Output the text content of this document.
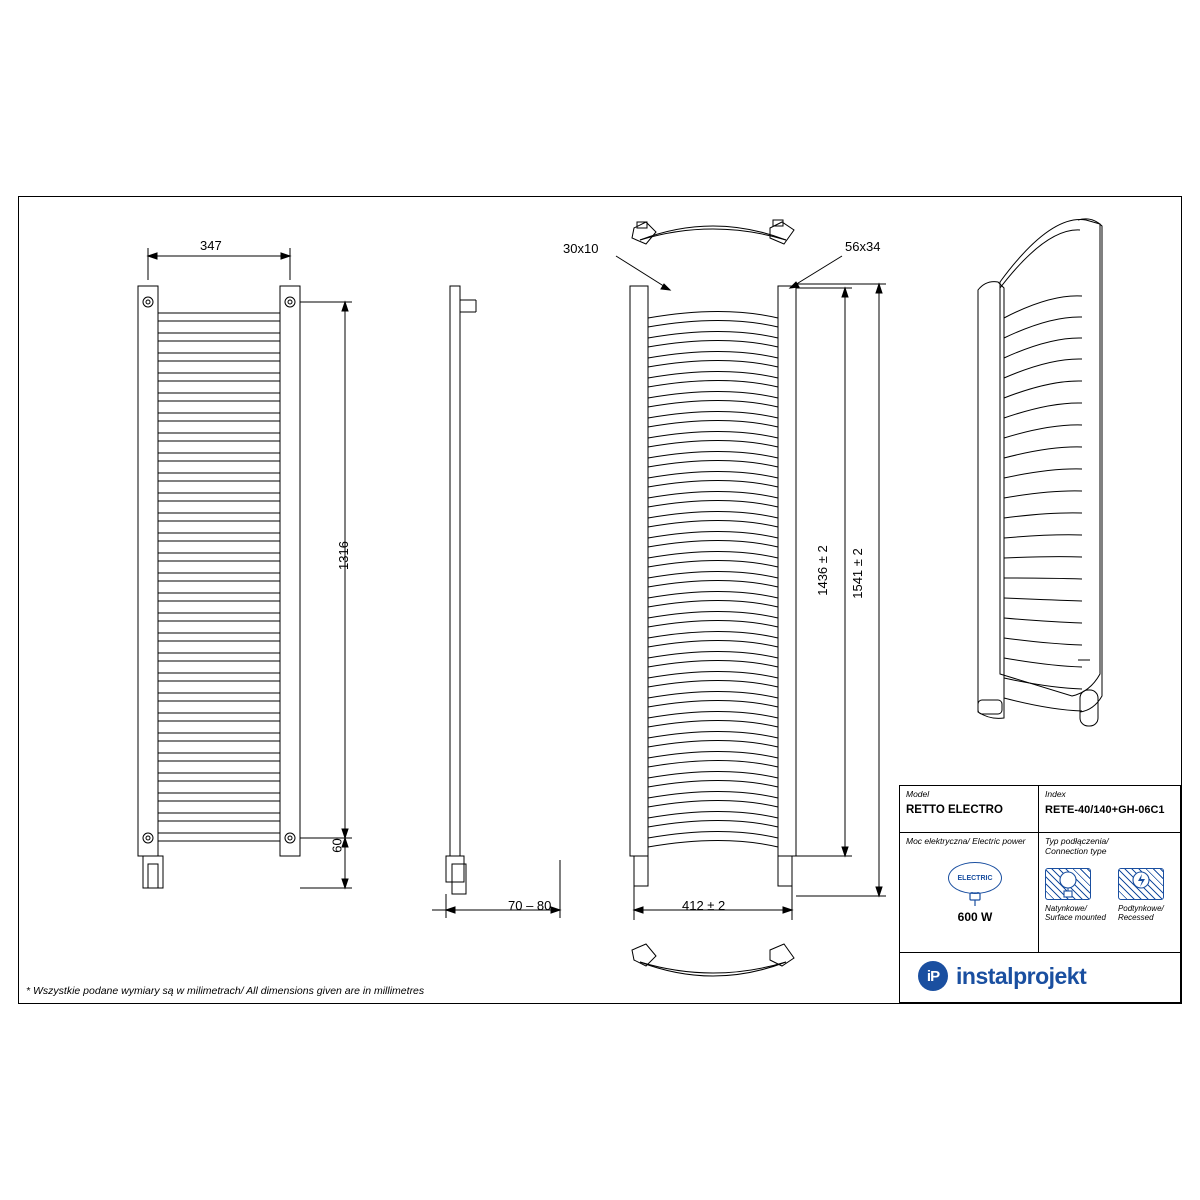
347
1316
60
70 – 80
30x10	56x34
1436 ± 2 1541 ± 2
412 ± 2
* Wszystkie podane wymiary są w milimetrach/ All dimensions given are in millimetres
Model
RETTO ELECTRO
Index
RETE-40/140+GH-06C1
Moc elektryczna/ Electric power
ELECTRIC
600 W
Typ podłączenia/
Connection type
Natynkowe/
Surface mounted
Podtynkowe/
Recessed
iP instalprojekt
